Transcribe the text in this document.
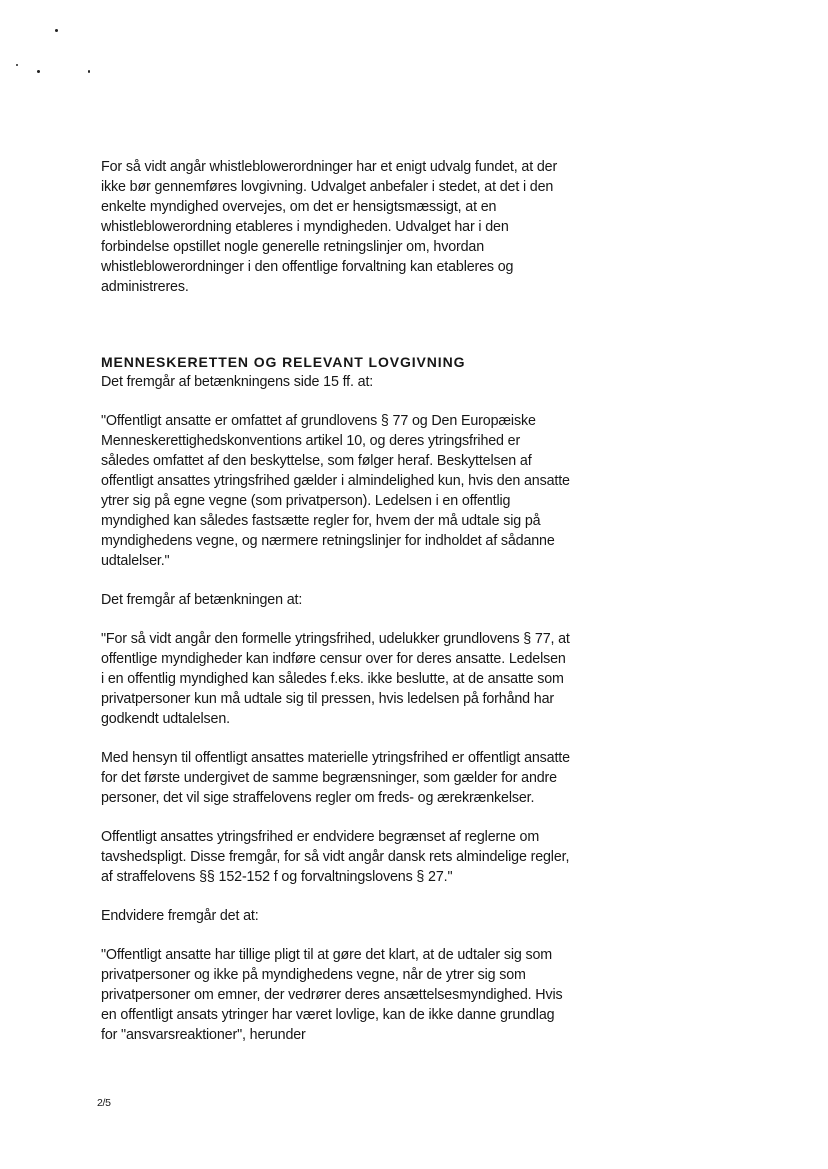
For så vidt angår whistleblowerordninger har et enigt udvalg fundet, at der ikke bør gennemføres lovgivning. Udvalget anbefaler i stedet, at det i den enkelte myndighed overvejes, om det er hensigtsmæssigt, at en whistleblowerordning etableres i myndigheden. Udvalget har i den forbindelse opstillet nogle generelle retningslinjer om, hvordan whistleblowerordninger i den offentlige forvaltning kan etableres og administreres.

MENNESKERETTEN OG RELEVANT LOVGIVNING

Det fremgår af betænkningens side 15 ff. at:

"Offentligt ansatte er omfattet af grundlovens § 77 og Den Europæiske Menneskerettighedskonventions artikel 10, og deres ytringsfrihed er således omfattet af den beskyttelse, som følger heraf. Beskyttelsen af offentligt ansattes ytringsfrihed gælder i almindelighed kun, hvis den ansatte ytrer sig på egne vegne (som privatperson). Ledelsen i en offentlig myndighed kan således fastsætte regler for, hvem der må udtale sig på myndighedens vegne, og nærmere retningslinjer for indholdet af sådanne udtalelser."

Det fremgår af betænkningen at:

"For så vidt angår den formelle ytringsfrihed, udelukker grundlovens § 77, at offentlige myndigheder kan indføre censur over for deres ansatte. Ledelsen i en offentlig myndighed kan således f.eks. ikke beslutte, at de ansatte som privatpersoner kun må udtale sig til pressen, hvis ledelsen på forhånd har godkendt udtalelsen.

Med hensyn til offentligt ansattes materielle ytringsfrihed er offentligt ansatte for det første undergivet de samme begrænsninger, som gælder for andre personer, det vil sige straffelovens regler om freds- og ærekrænkelser.

Offentligt ansattes ytringsfrihed er endvidere begrænset af reglerne om tavshedspligt. Disse fremgår, for så vidt angår dansk rets almindelige regler, af straffelovens §§ 152-152 f og forvaltningslovens § 27."

Endvidere fremgår det at:

"Offentligt ansatte har tillige pligt til at gøre det klart, at de udtaler sig som privatpersoner og ikke på myndighedens vegne, når de ytrer sig som privatpersoner om emner, der vedrører deres ansættelsesmyndighed. Hvis en offentligt ansats ytringer har været lovlige, kan de ikke danne grundlag for "ansvarsreaktioner", herunder

2/5
